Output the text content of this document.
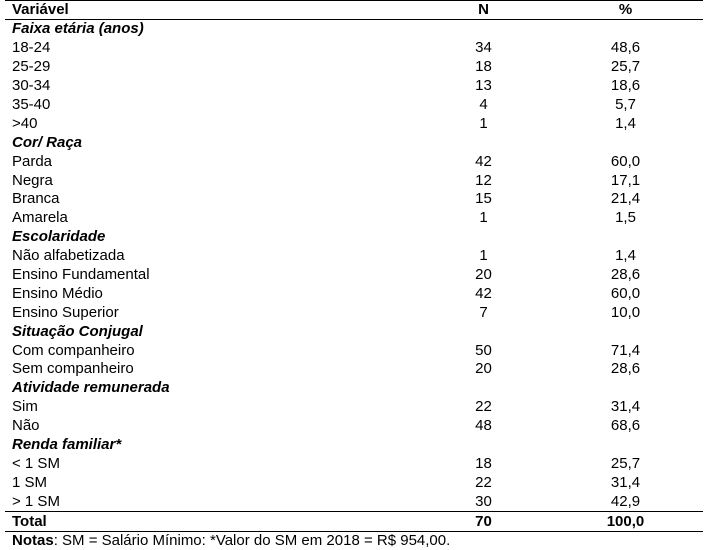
Variável	N	%
Faixa etária (anos)		
18-24	34	48,6
25-29	18	25,7
30-34	13	18,6
35-40	4	5,7
>40	1	1,4
Cor/ Raça		
Parda	42	60,0
Negra	12	17,1
Branca	15	21,4
Amarela	1	1,5
Escolaridade		
Não alfabetizada	1	1,4
Ensino Fundamental	20	28,6
Ensino Médio	42	60,0
Ensino Superior	7	10,0
Situação Conjugal		
Com companheiro	50	71,4
Sem companheiro	20	28,6
Atividade remunerada		
Sim	22	31,4
Não	48	68,6
Renda familiar*		
< 1 SM	18	25,7
1 SM	22	31,4
> 1 SM	30	42,9
Total	70	100,0
Notas: SM = Salário Mínimo: *Valor do SM em 2018 = R$ 954,00.
